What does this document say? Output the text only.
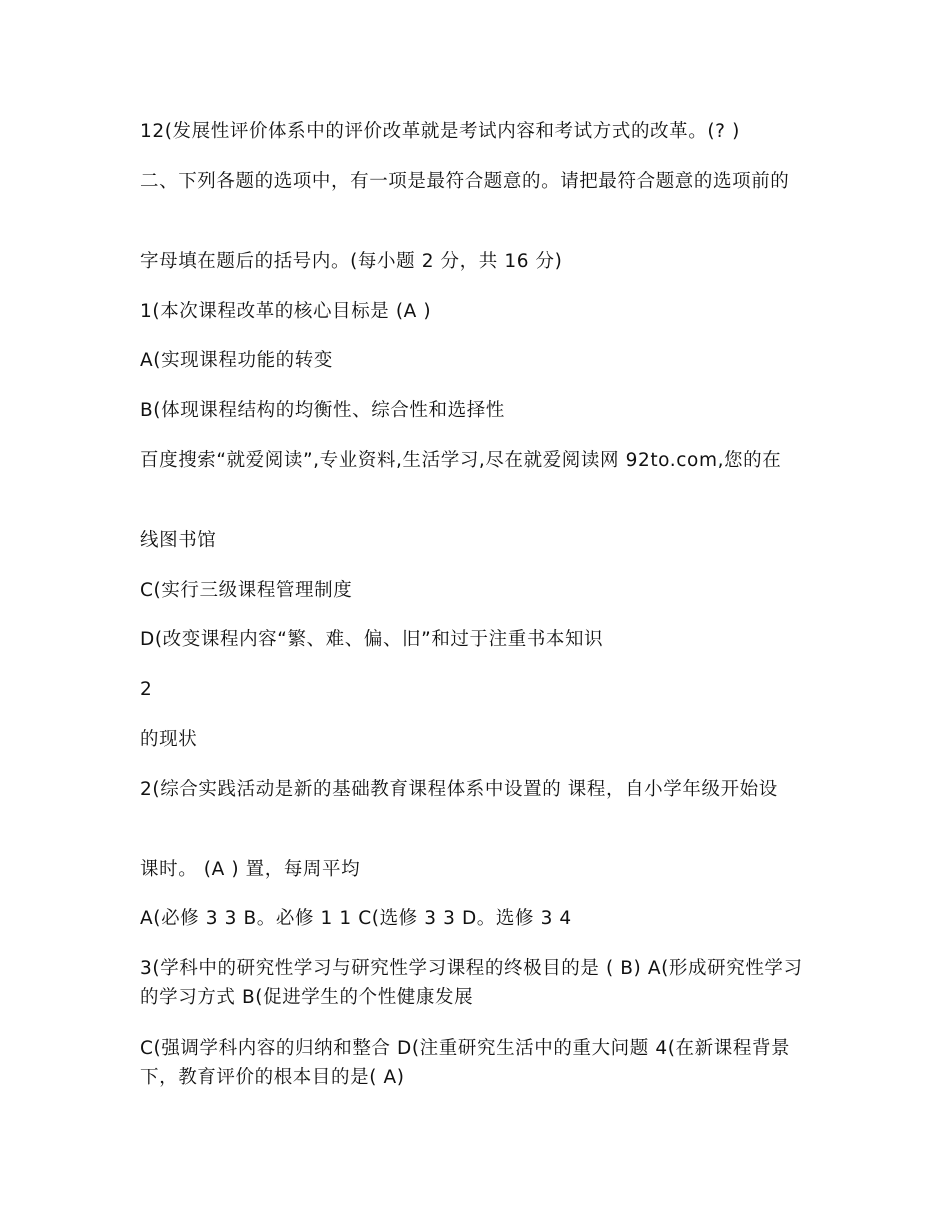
12(发展性评价体系中的评价改革就是考试内容和考试方式的改革。(? )
二、下列各题的选项中，有一项是最符合题意的。请把最符合题意的选项前的
字母填在题后的括号内。(每小题 2 分，共 16 分)
1(本次课程改革的核心目标是 (A )
A(实现课程功能的转变
B(体现课程结构的均衡性、综合性和选择性
百度搜索“就爱阅读”,专业资料,生活学习,尽在就爱阅读网 92to.com,您的在
线图书馆
C(实行三级课程管理制度
D(改变课程内容“繁、难、偏、旧”和过于注重书本知识
2
的现状
2(综合实践活动是新的基础教育课程体系中设置的 课程，自小学年级开始设
课时。 (A ) 置，每周平均
A(必修 3 3 B。必修 1 1 C(选修 3 3 D。选修 3 4
3(学科中的研究性学习与研究性学习课程的终极目的是 ( B) A(形成研究性学习的学习方式 B(促进学生的个性健康发展
C(强调学科内容的归纳和整合 D(注重研究生活中的重大问题 4(在新课程背景下，教育评价的根本目的是( A)
